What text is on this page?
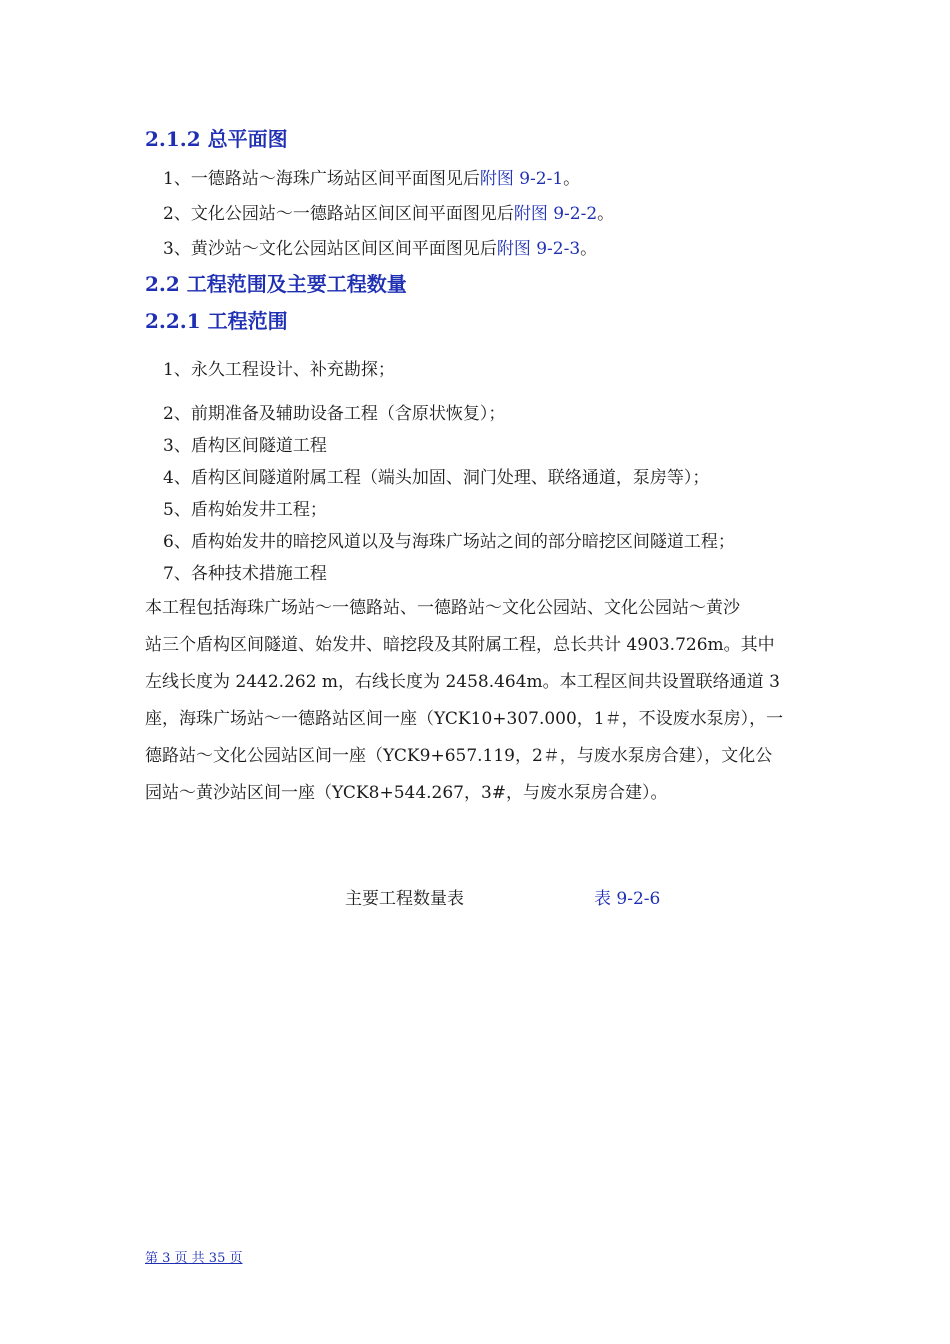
2.1.2 总平面图
1、一德路站～海珠广场站区间平面图见后附图 9-2-1。
2、文化公园站～一德路站区间区间平面图见后附图 9-2-2。
3、黄沙站～文化公园站区间区间平面图见后附图 9-2-3。
2.2 工程范围及主要工程数量
2.2.1 工程范围
1、永久工程设计、补充勘探；
2、前期准备及辅助设备工程（含原状恢复）；
3、盾构区间隧道工程
4、盾构区间隧道附属工程（端头加固、洞门处理、联络通道，泵房等）；
5、盾构始发井工程；
6、盾构始发井的暗挖风道以及与海珠广场站之间的部分暗挖区间隧道工程；
7、各种技术措施工程
本工程包括海珠广场站～一德路站、一德路站～文化公园站、文化公园站～黄沙
站三个盾构区间隧道、始发井、暗挖段及其附属工程，总长共计 4903.726m。其中
左线长度为 2442.262 m，右线长度为 2458.464m。本工程区间共设置联络通道 3
座，海珠广场站～一德路站区间一座（YCK10+307.000，1＃，不设废水泵房），一
德路站～文化公园站区间一座（YCK9+657.119，2＃，与废水泵房合建），文化公
园站～黄沙站区间一座（YCK8+544.267，3#，与废水泵房合建）。
主要工程数量表	表 9-2-6
第 3 页 共 35 页
